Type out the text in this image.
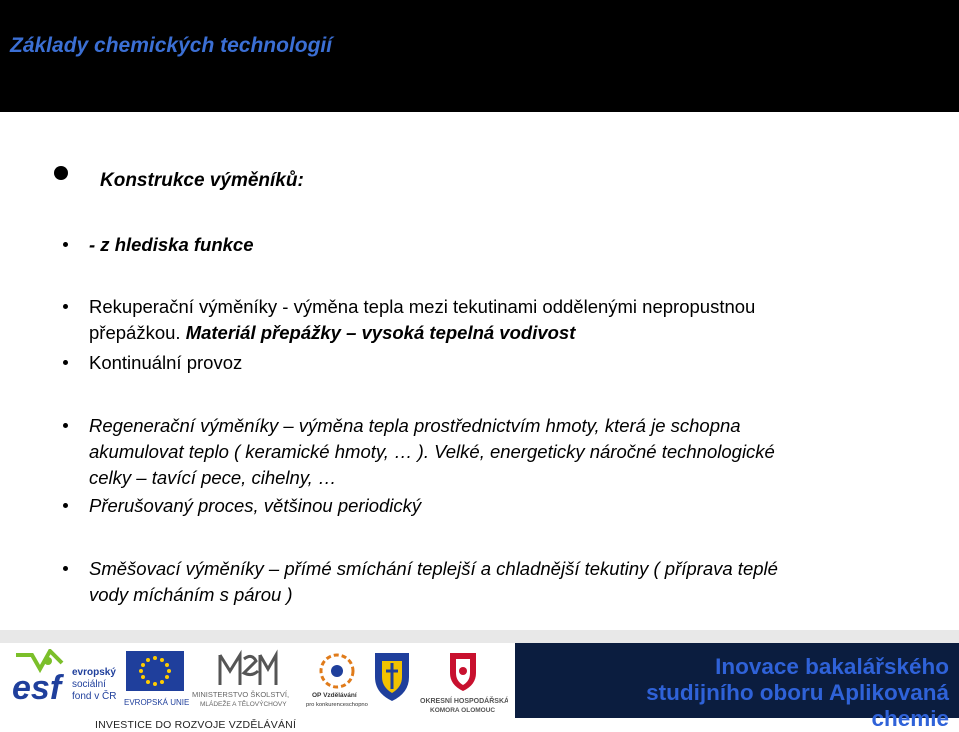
Základy chemických technologií
Konstrukce výměníků:
- z hlediska funkce
Rekuperační výměníky - výměna tepla mezi tekutinami oddělenými nepropustnou
přepážkou. Materiál přepážky – vysoká tepelná vodivost
Kontinuální provoz
Regenerační výměníky – výměna tepla prostřednictvím hmoty, která je schopna
akumulovat teplo ( keramické hmoty, … ). Velké, energeticky náročné technologické
celky – tavící pece, cihelny, …
Přerušovaný proces, většinou periodický
Směšovací výměníky – přímé smíchání teplejší a chladnější tekutiny ( příprava teplé
vody mícháním s párou )
esf	evropský
sociální
fond v ČR
EVROPSKÁ UNIE
MINISTERSTVO ŠKOLSTVÍ,
MLÁDEŽE A TĚLOVÝCHOVY
OP Vzdělávání
pro konkurenceschopnost	OKRESNÍ HOSPODÁŘSKÁ
KOMORA OLOMOUC
INVESTICE DO ROZVOJE VZDĚLÁVÁNÍ
Inovace bakalářského
studijního oboru Aplikovaná
chemie
